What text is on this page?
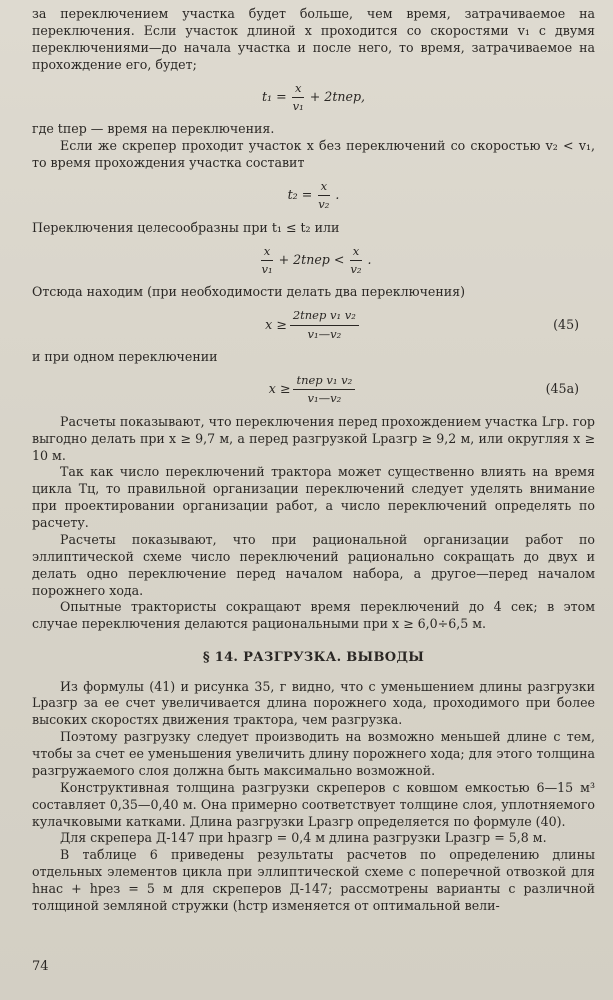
за переключением участка будет больше, чем время, затрачиваемое на переключения. Если участок длиной x проходится со скоростями v₁ с двумя переключениями—до начала участка и после него, то время, затрачиваемое на прохождение его, будет;

$t_1 = \frac{x}{\text{v₁}}$ + 2tпер,

где tпер — время на переключения.

Если же скрепер проходит участок x без переключений со скоростью v₂ < v₁, то время прохождения участка составит

$t_2 = \frac{x}{\text{v₂}}$ .

Переключения целесообразны при t₁ ≤ t₂ или

$\frac{x}{\text{v₁}}$ + 2tпер < $\frac{x}{\text{v₂}}$ .

Отсюда находим (при необходимости делать два переключения)

$x \ge \frac{\text{2tпер v₁ v₂}}{\text{v₁—v₂}}$	(45)

и при одном переключении

$x \ge \frac{\text{tпер v₁ v₂}}{\text{v₁—v₂}}$	(45а)

Расчеты показывают, что переключения перед прохождением участка Lгр. гор выгодно делать при x ≥ 9,7 м, а перед разгрузкой Lразгр ≥ 9,2 м, или округляя x ≥ 10 м.

Так как число переключений трактора может существенно влиять на время цикла Tц, то правильной организации переключений следует уделять внимание при проектировании организации работ, а число переключений определять по расчету.

Расчеты показывают, что при рациональной организации работ по эллиптической схеме число переключений рационально сокращать до двух и делать одно переключение перед началом набора, а другое—перед началом порожнего хода.

Опытные трактористы сокращают время переключений до 4 сек; в этом случае переключения делаются рациональными при x ≥ 6,0÷6,5 м.

§ 14. РАЗГРУЗКА. ВЫВОДЫ

Из формулы (41) и рисунка 35, г видно, что с уменьшением длины разгрузки Lразгр за ее счет увеличивается длина порожнего хода, проходимого при более высоких скоростях движения трактора, чем разгрузка.

Поэтому разгрузку следует производить на возможно меньшей длине с тем, чтобы за счет ее уменьшения увеличить длину порожнего хода; для этого толщина разгружаемого слоя должна быть максимально возможной.

Конструктивная толщина разгрузки скреперов с ковшом емкостью 6—15 м³ составляет 0,35—0,40 м. Она примерно соответствует толщине слоя, уплотняемого кулачковыми катками. Длина разгрузки Lразгр определяется по формуле (40).

Для скрепера Д-147 при hразгр = 0,4 м длина разгрузки Lразгр = 5,8 м.

В таблице 6 приведены результаты расчетов по определению длины отдельных элементов цикла при эллиптической схеме с поперечной отвозкой для hнас + hрез = 5 м для скреперов Д-147; рассмотрены варианты с различной толщиной земляной стружки (hстр изменяется от оптимальной вели-

74
